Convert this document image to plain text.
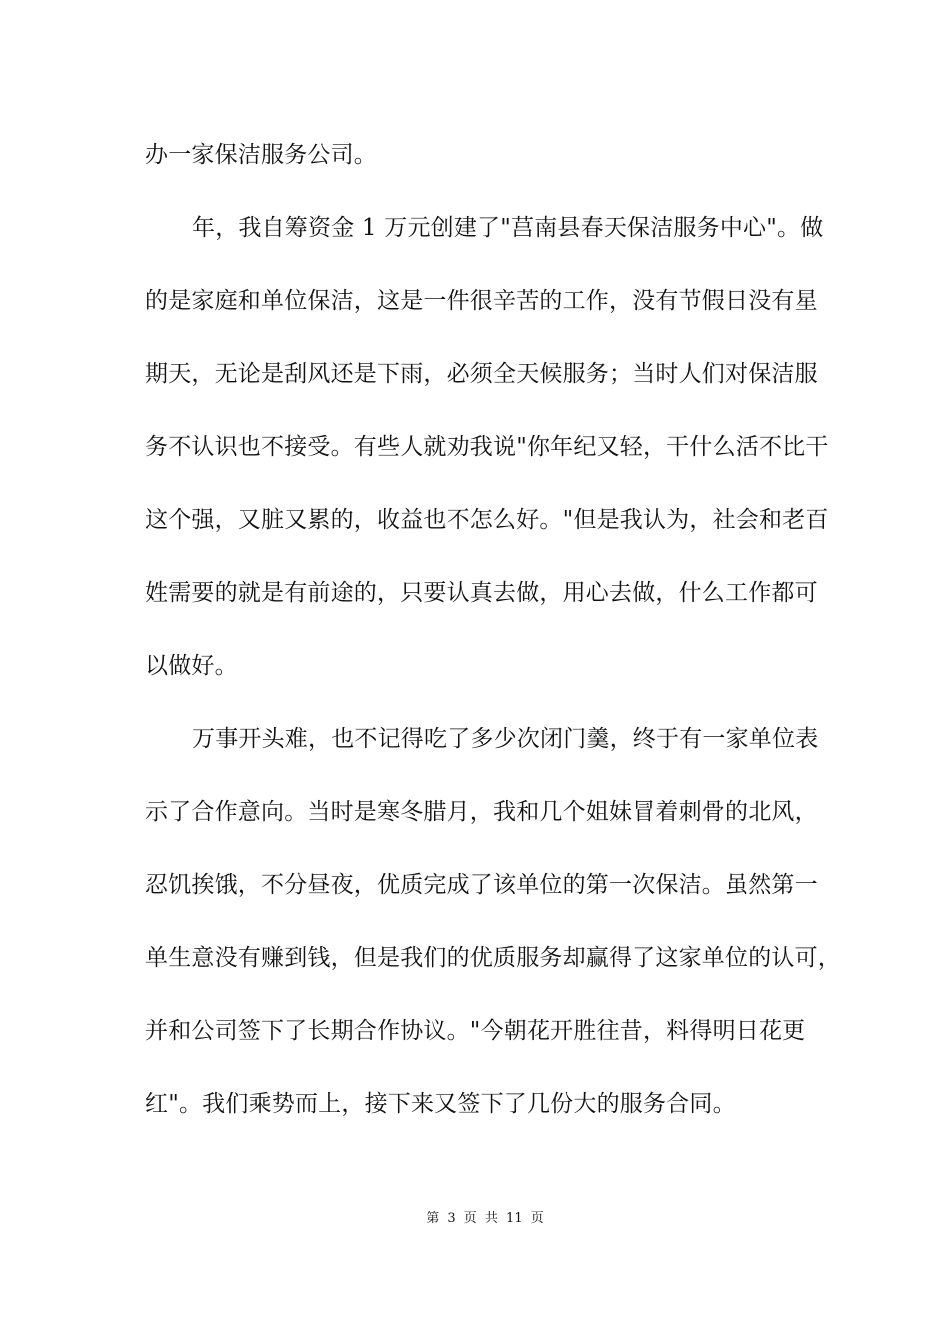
办一家保洁服务公司。
年，我自筹资金 1 万元创建了"莒南县春天保洁服务中心"。做
的是家庭和单位保洁，这是一件很辛苦的工作，没有节假日没有星
期天，无论是刮风还是下雨，必须全天候服务；当时人们对保洁服
务不认识也不接受。有些人就劝我说"你年纪又轻，干什么活不比干
这个强，又脏又累的，收益也不怎么好。"但是我认为，社会和老百
姓需要的就是有前途的，只要认真去做，用心去做，什么工作都可
以做好。
万事开头难，也不记得吃了多少次闭门羹，终于有一家单位表
示了合作意向。当时是寒冬腊月，我和几个姐妹冒着刺骨的北风，
忍饥挨饿，不分昼夜，优质完成了该单位的第一次保洁。虽然第一
单生意没有赚到钱，但是我们的优质服务却赢得了这家单位的认可，
并和公司签下了长期合作协议。"今朝花开胜往昔，料得明日花更
红"。我们乘势而上，接下来又签下了几份大的服务合同。
第 3 页 共 11 页
